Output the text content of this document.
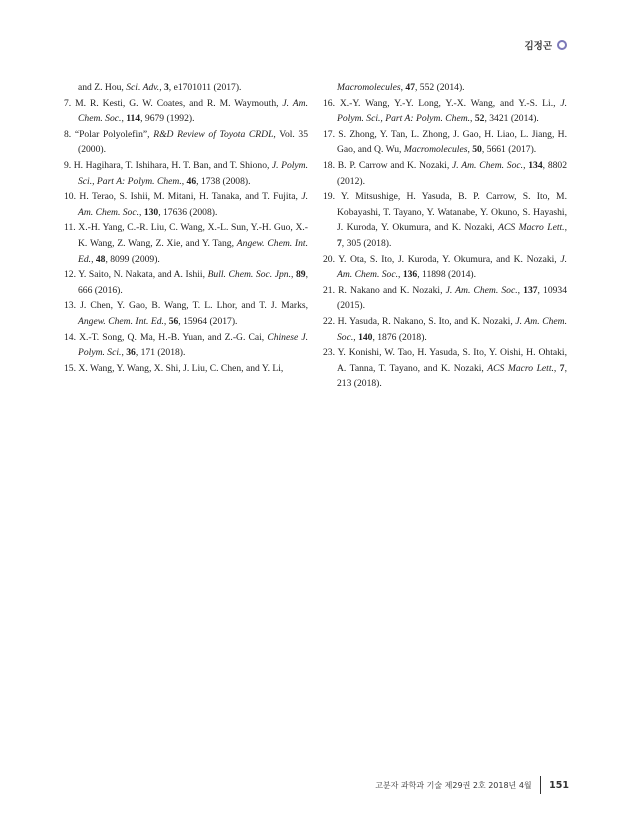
김정곤
and Z. Hou, Sci. Adv., 3, e1701011 (2017).
7. M. R. Kesti, G. W. Coates, and R. M. Waymouth, J. Am. Chem. Soc., 114, 9679 (1992).
8. “Polar Polyolefin”, R&D Review of Toyota CRDL, Vol. 35 (2000).
9. H. Hagihara, T. Ishihara, H. T. Ban, and T. Shiono, J. Polym. Sci., Part A: Polym. Chem., 46, 1738 (2008).
10. H. Terao, S. Ishii, M. Mitani, H. Tanaka, and T. Fujita, J. Am. Chem. Soc., 130, 17636 (2008).
11. X.-H. Yang, C.-R. Liu, C. Wang, X.-L. Sun, Y.-H. Guo, X.-K. Wang, Z. Wang, Z. Xie, and Y. Tang, Angew. Chem. Int. Ed., 48, 8099 (2009).
12. Y. Saito, N. Nakata, and A. Ishii, Bull. Chem. Soc. Jpn., 89, 666 (2016).
13. J. Chen, Y. Gao, B. Wang, T. L. Lhor, and T. J. Marks, Angew. Chem. Int. Ed., 56, 15964 (2017).
14. X.-T. Song, Q. Ma, H.-B. Yuan, and Z.-G. Cai, Chinese J. Polym. Sci., 36, 171 (2018).
15. X. Wang, Y. Wang, X. Shi, J. Liu, C. Chen, and Y. Li,
Macromolecules, 47, 552 (2014).
16. X.-Y. Wang, Y.-Y. Long, Y.-X. Wang, and Y.-S. Li., J. Polym. Sci., Part A: Polym. Chem., 52, 3421 (2014).
17. S. Zhong, Y. Tan, L. Zhong, J. Gao, H. Liao, L. Jiang, H. Gao, and Q. Wu, Macromolecules, 50, 5661 (2017).
18. B. P. Carrow and K. Nozaki, J. Am. Chem. Soc., 134, 8802 (2012).
19. Y. Mitsushige, H. Yasuda, B. P. Carrow, S. Ito, M. Kobayashi, T. Tayano, Y. Watanabe, Y. Okuno, S. Hayashi, J. Kuroda, Y. Okumura, and K. Nozaki, ACS Macro Lett., 7, 305 (2018).
20. Y. Ota, S. Ito, J. Kuroda, Y. Okumura, and K. Nozaki, J. Am. Chem. Soc., 136, 11898 (2014).
21. R. Nakano and K. Nozaki, J. Am. Chem. Soc., 137, 10934 (2015).
22. H. Yasuda, R. Nakano, S. Ito, and K. Nozaki, J. Am. Chem. Soc., 140, 1876 (2018).
23. Y. Konishi, W. Tao, H. Yasuda, S. Ito, Y. Oishi, H. Ohtaki, A. Tanna, T. Tayano, and K. Nozaki, ACS Macro Lett., 7, 213 (2018).
고분자 과학과 기술 제29권 2호 2018년 4월 151
